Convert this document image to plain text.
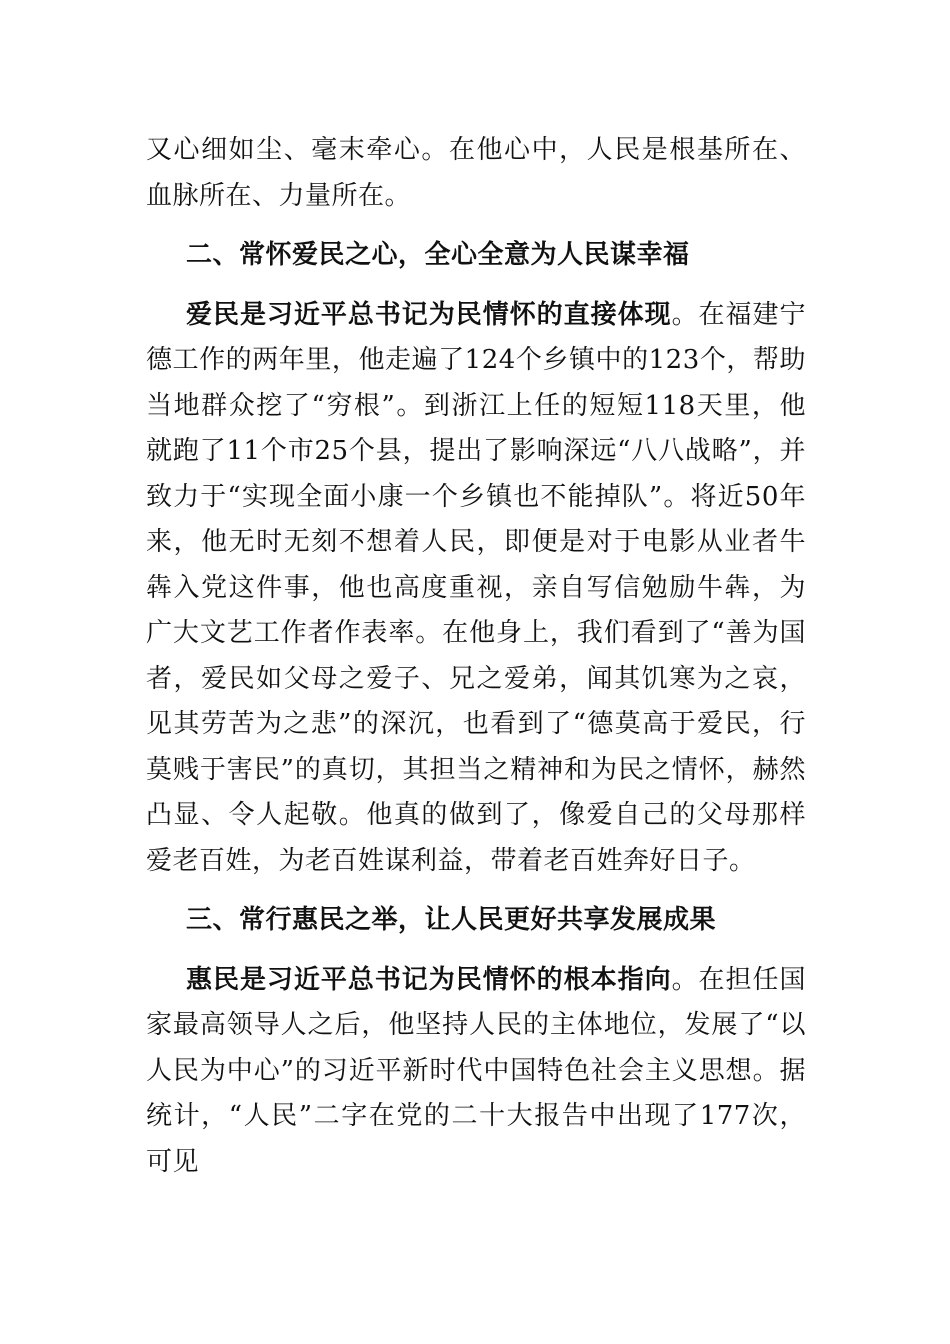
又心细如尘、毫末牵心。在他心中，人民是根基所在、血脉所在、力量所在。

二、常怀爱民之心，全心全意为人民谋幸福

爱民是习近平总书记为民情怀的直接体现。在福建宁德工作的两年里，他走遍了124个乡镇中的123个，帮助当地群众挖了“穷根”。到浙江上任的短短118天里，他就跑了11个市25个县，提出了影响深远“八八战略”，并致力于“实现全面小康一个乡镇也不能掉队”。将近50年来，他无时无刻不想着人民，即便是对于电影从业者牛犇入党这件事，他也高度重视，亲自写信勉励牛犇，为广大文艺工作者作表率。在他身上，我们看到了“善为国者，爱民如父母之爱子、兄之爱弟，闻其饥寒为之哀，见其劳苦为之悲”的深沉，也看到了“德莫高于爱民，行莫贱于害民”的真切，其担当之精神和为民之情怀，赫然凸显、令人起敬。他真的做到了，像爱自己的父母那样爱老百姓，为老百姓谋利益，带着老百姓奔好日子。

三、常行惠民之举，让人民更好共享发展成果

惠民是习近平总书记为民情怀的根本指向。在担任国家最高领导人之后，他坚持人民的主体地位，发展了“以人民为中心”的习近平新时代中国特色社会主义思想。据统计，“人民”二字在党的二十大报告中出现了177次，可见
